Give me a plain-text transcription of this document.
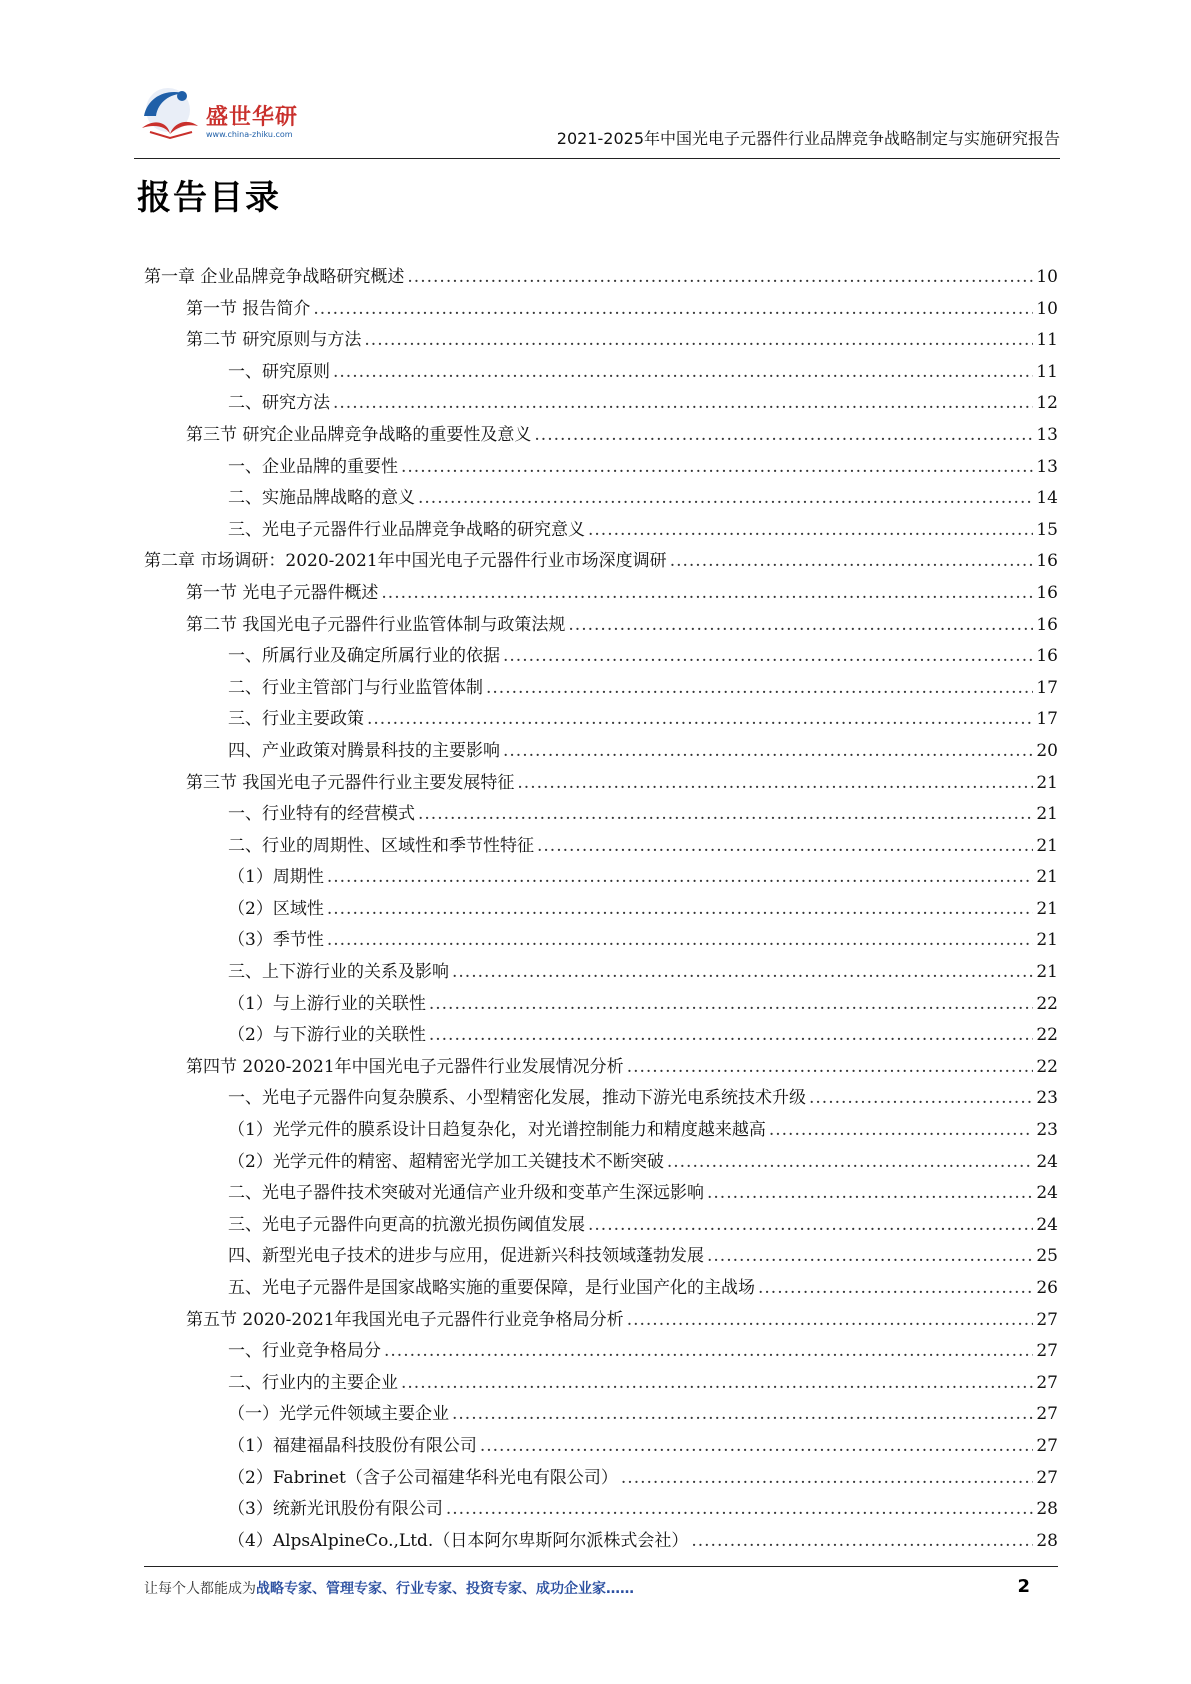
盛世华研
www.china-zhiku.com	2021-2025年中国光电子元器件行业品牌竞争战略制定与实施研究报告
报告目录
第一章 企业品牌竞争战略研究概述 .....	10
第一节 报告简介 .....	10
第二节 研究原则与方法 .....	11
一、研究原则 .....	11
二、研究方法 .....	12
第三节 研究企业品牌竞争战略的重要性及意义 .....	13
一、企业品牌的重要性 .....	13
二、实施品牌战略的意义 .....	14
三、光电子元器件行业品牌竞争战略的研究意义 .....	15
第二章 市场调研：2020-2021年中国光电子元器件行业市场深度调研 .....	16
第一节 光电子元器件概述 .....	16
第二节 我国光电子元器件行业监管体制与政策法规 .....	16
一、所属行业及确定所属行业的依据 .....	16
二、行业主管部门与行业监管体制 .....	17
三、行业主要政策 .....	17
四、产业政策对腾景科技的主要影响 .....	20
第三节 我国光电子元器件行业主要发展特征 .....	21
一、行业特有的经营模式 .....	21
二、行业的周期性、区域性和季节性特征 .....	21
（1）周期性 .....	21
（2）区域性 .....	21
（3）季节性 .....	21
三、上下游行业的关系及影响 .....	21
（1）与上游行业的关联性 .....	22
（2）与下游行业的关联性 .....	22
第四节 2020-2021年中国光电子元器件行业发展情况分析 .....	22
一、光电子元器件向复杂膜系、小型精密化发展，推动下游光电系统技术升级 .....	23
（1）光学元件的膜系设计日趋复杂化，对光谱控制能力和精度越来越高 .....	23
（2）光学元件的精密、超精密光学加工关键技术不断突破 .....	24
二、光电子器件技术突破对光通信产业升级和变革产生深远影响 .....	24
三、光电子元器件向更高的抗激光损伤阈值发展 .....	24
四、新型光电子技术的进步与应用，促进新兴科技领域蓬勃发展 .....	25
五、光电子元器件是国家战略实施的重要保障，是行业国产化的主战场 .....	26
第五节 2020-2021年我国光电子元器件行业竞争格局分析 .....	27
一、行业竞争格局分 .....	27
二、行业内的主要企业 .....	27
（一）光学元件领域主要企业 .....	27
（1）福建福晶科技股份有限公司 .....	27
（2）Fabrinet（含子公司福建华科光电有限公司） .....	27
（3）统新光讯股份有限公司 .....	28
（4）AlpsAlpineCo.,Ltd.（日本阿尔卑斯阿尔派株式会社） .....	28
让每个人都能成为战略专家、管理专家、行业专家、投资专家、成功企业家……	2
